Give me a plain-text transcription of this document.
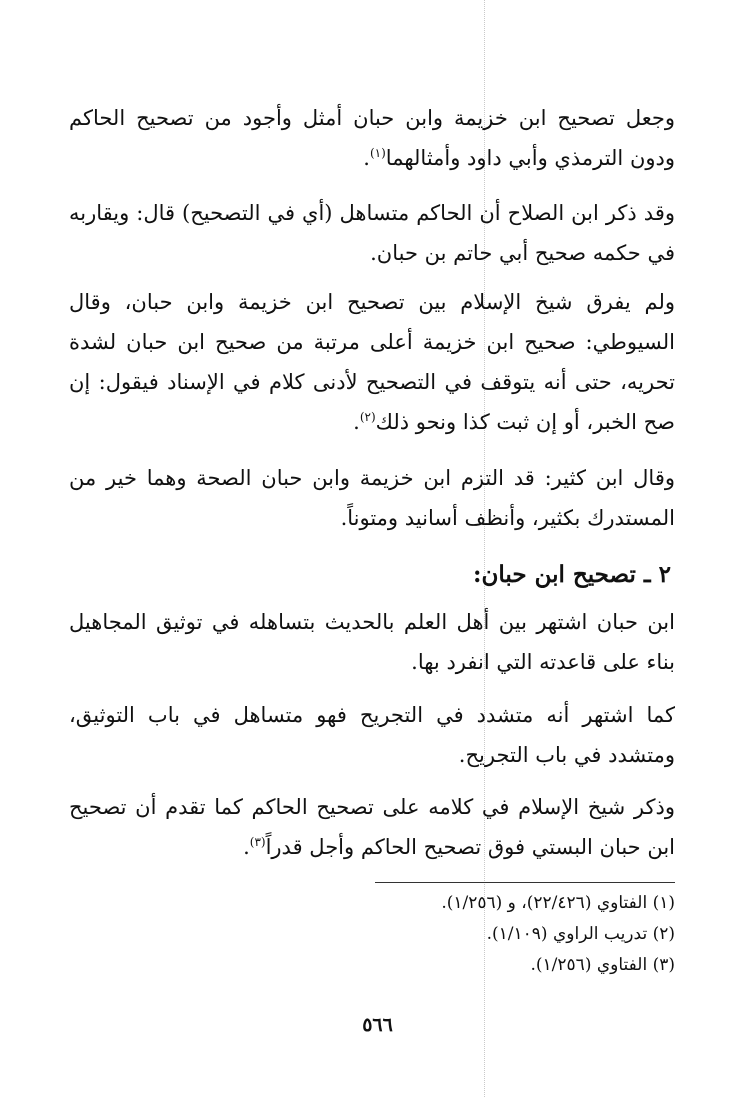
وجعل تصحيح ابن خزيمة وابن حبان أمثل وأجود من تصحيح الحاكم ودون الترمذي وأبي داود وأمثالهما$^{(١)}$.
وقد ذكر ابن الصلاح أن الحاكم متساهل (أي في التصحيح) قال: ويقاربه في حكمه صحيح أبي حاتم بن حبان.
ولم يفرق شيخ الإسلام بين تصحيح ابن خزيمة وابن حبان، وقال السيوطي: صحيح ابن خزيمة أعلى مرتبة من صحيح ابن حبان لشدة تحريه، حتى أنه يتوقف في التصحيح لأدنى كلام في الإسناد فيقول: إن صح الخبر، أو إن ثبت كذا ونحو ذلك$^{(٢)}$.
وقال ابن كثير: قد التزم ابن خزيمة وابن حبان الصحة وهما خير من المستدرك بكثير، وأنظف أسانيد ومتوناً.
٢ ـ تصحيح ابن حبان:
ابن حبان اشتهر بين أهل العلم بالحديث بتساهله في توثيق المجاهيل بناء على قاعدته التي انفرد بها.
كما اشتهر أنه متشدد في التجريح فهو متساهل في باب التوثيق، ومتشدد في باب التجريح.
وذكر شيخ الإسلام في كلامه على تصحيح الحاكم كما تقدم أن تصحيح ابن حبان البستي فوق تصحيح الحاكم وأجل قدراً$^{(٣)}$.
(١) الفتاوي (٢٢/٤٢٦)، و (١/٢٥٦).
(٢) تدريب الراوي (١/١٠٩).
(٣) الفتاوي (١/٢٥٦).
٥٦٦
